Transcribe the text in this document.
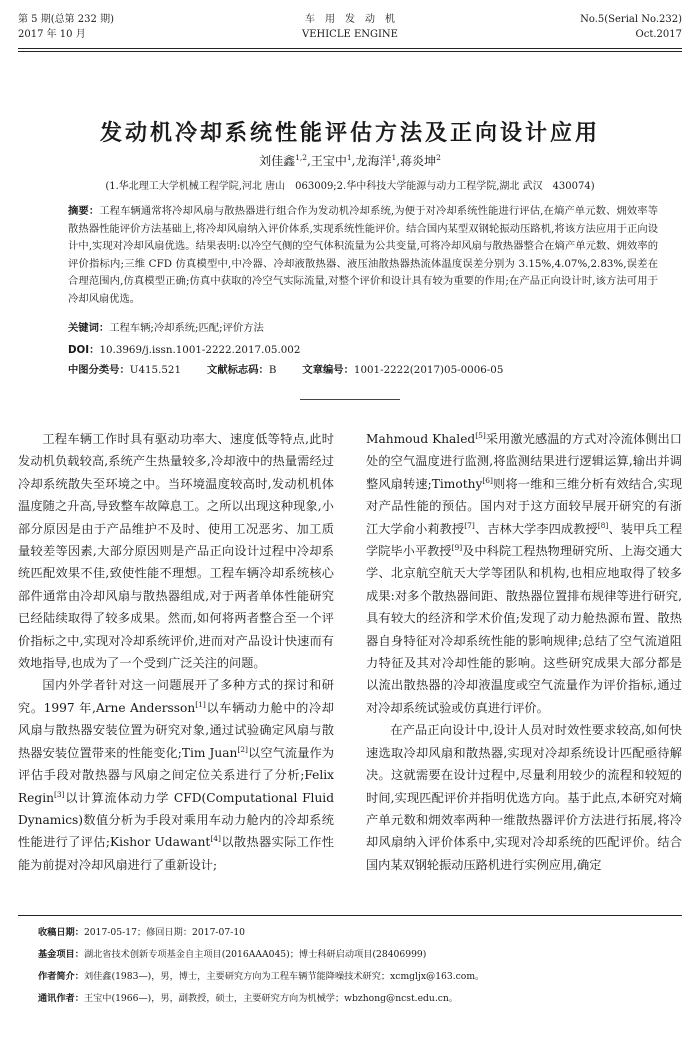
第 5 期(总第 232 期)
2017 年 10 月
车　用　发　动　机
VEHICLE ENGINE
No.5(Serial No.232)
Oct.2017
发动机冷却系统性能评估方法及正向设计应用
刘佳鑫$^{1,2}$,王宝中$^1$,龙海洋$^1$,蒋炎坤$^2$
(1.华北理工大学机械工程学院,河北 唐山　063009;2.华中科技大学能源与动力工程学院,湖北 武汉　430074)
摘要：工程车辆通常将冷却风扇与散热器进行组合作为发动机冷却系统,为便于对冷却系统性能进行评估,在熵产单元数、㶲效率等散热器性能评价方法基础上,将冷却风扇纳入评价体系,实现系统性能评价。结合国内某型双钢轮振动压路机,将该方法应用于正向设计中,实现对冷却风扇优选。结果表明:以冷空气侧的空气体积流量为公共变量,可将冷却风扇与散热器整合在熵产单元数、㶲效率的评价指标内;三维 CFD 仿真模型中,中冷器、冷却液散热器、液压油散热器热流体温度误差分别为 3.15%,4.07%,2.83%,误差在合理范围内,仿真模型正确;仿真中获取的冷空气实际流量,对整个评价和设计具有较为重要的作用;在产品正向设计时,该方法可用于冷却风扇优选。
关键词：工程车辆;冷却系统;匹配;评价方法
DOI：10.3969/j.issn.1001-2222.2017.05.002
中图分类号：U415.521	文献标志码：B	文章编号：1001-2222(2017)05-0006-05

工程车辆工作时具有驱动功率大、速度低等特点,此时发动机负载较高,系统产生热量较多,冷却液中的热量需经过冷却系统散失至环境之中。当环境温度较高时,发动机机体温度随之升高,导致整车故障息工。之所以出现这种现象,小部分原因是由于产品维护不及时、使用工况恶劣、加工质量较差等因素,大部分原因则是产品正向设计过程中冷却系统匹配效果不佳,致使性能不理想。工程车辆冷却系统核心部件通常由冷却风扇与散热器组成,对于两者单体性能研究已经陆续取得了较多成果。然而,如何将两者整合至一个评价指标之中,实现对冷却系统评价,进而对产品设计快速而有效地指导,也成为了一个受到广泛关注的问题。

国内外学者针对这一问题展开了多种方式的探讨和研究。1997 年,Arne Andersson[1]以车辆动力舱中的冷却风扇与散热器安装位置为研究对象,通过试验确定风扇与散热器安装位置带来的性能变化;Tim Juan[2]以空气流量作为评估手段对散热器与风扇之间定位关系进行了分析;Felix Regin[3]以计算流体动力学 CFD(Computational Fluid Dynamics)数值分析为手段对乘用车动力舱内的冷却系统性能进行了评估;Kishor Udawant[4]以散热器实际工作性能为前提对冷却风扇进行了重新设计;

Mahmoud Khaled[5]采用激光感温的方式对冷流体侧出口处的空气温度进行监测,将监测结果进行逻辑运算,输出并调整风扇转速;Timothy[6]则将一维和三维分析有效结合,实现对产品性能的预估。国内对于这方面较早展开研究的有浙江大学俞小莉教授[7]、吉林大学李四成教授[8]、装甲兵工程学院毕小平教授[9]及中科院工程热物理研究所、上海交通大学、北京航空航天大学等团队和机构,也相应地取得了较多成果:对多个散热器间距、散热器位置排布规律等进行研究,具有较大的经济和学术价值;发现了动力舱热源布置、散热器自身特征对冷却系统性能的影响规律;总结了空气流道阻力特征及其对冷却性能的影响。这些研究成果大部分都是以流出散热器的冷却液温度或空气流量作为评价指标,通过对冷却系统试验或仿真进行评价。

在产品正向设计中,设计人员对时效性要求较高,如何快速选取冷却风扇和散热器,实现对冷却系统设计匹配亟待解决。这就需要在设计过程中,尽量利用较少的流程和较短的时间,实现匹配评价并指明优选方向。基于此点,本研究对熵产单元数和㶲效率两种一维散热器评价方法进行拓展,将冷却风扇纳入评价体系中,实现对冷却系统的匹配评价。结合国内某双钢轮振动压路机进行实例应用,确定

收稿日期：2017-05-17；修回日期：2017-07-10
基金项目：湖北省技术创新专项基金自主项目(2016AAA045)；博士科研启动项目(28406999)
作者简介：刘佳鑫(1983—)，男，博士，主要研究方向为工程车辆节能降噪技术研究；xcmgljx@163.com。
通讯作者：王宝中(1966—)，男，副教授，硕士，主要研究方向为机械学；wbzhong@ncst.edu.cn。
